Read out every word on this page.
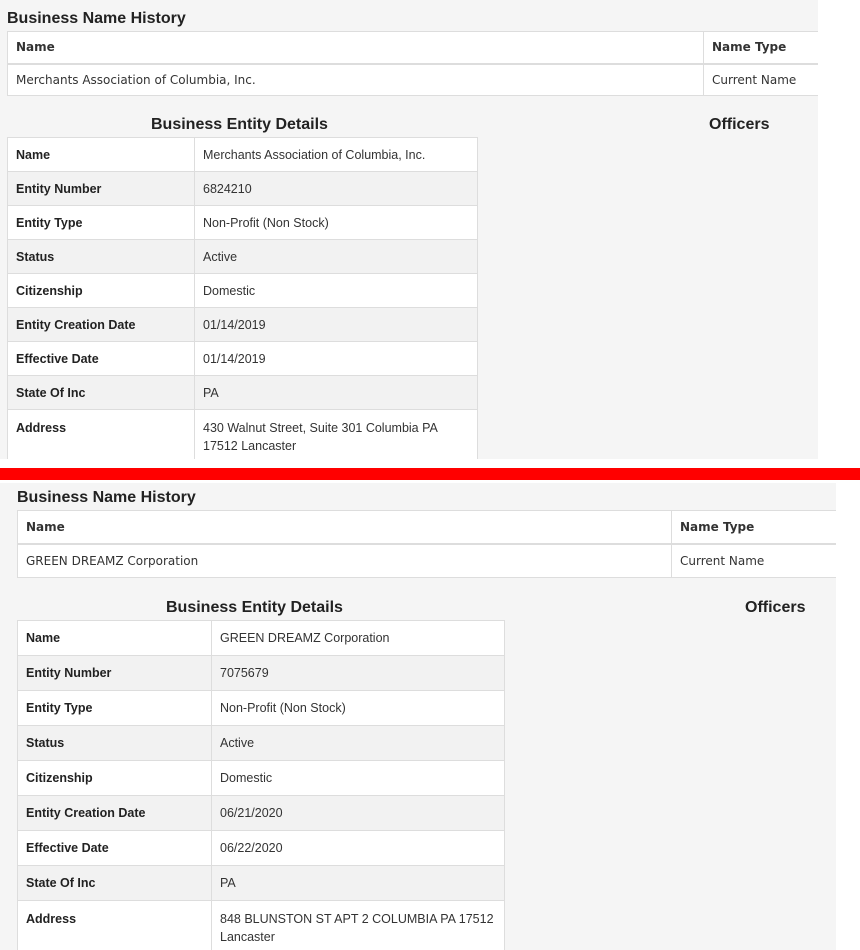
Business Name History
Name	Name Type
Merchants Association of Columbia, Inc.	Current Name
Business Entity Details	Officers
Name	Merchants Association of Columbia, Inc.
Entity Number	6824210
Entity Type	Non-Profit (Non Stock)
Status	Active
Citizenship	Domestic
Entity Creation Date	01/14/2019
Effective Date	01/14/2019
State Of Inc	PA
Address	430 Walnut Street, Suite 301 Columbia PA 17512 Lancaster
Business Name History
Name	Name Type
GREEN DREAMZ Corporation	Current Name
Business Entity Details	Officers
Name	GREEN DREAMZ Corporation
Entity Number	7075679
Entity Type	Non-Profit (Non Stock)
Status	Active
Citizenship	Domestic
Entity Creation Date	06/21/2020
Effective Date	06/22/2020
State Of Inc	PA
Address	848 BLUNSTON ST APT 2 COLUMBIA PA 17512 Lancaster
